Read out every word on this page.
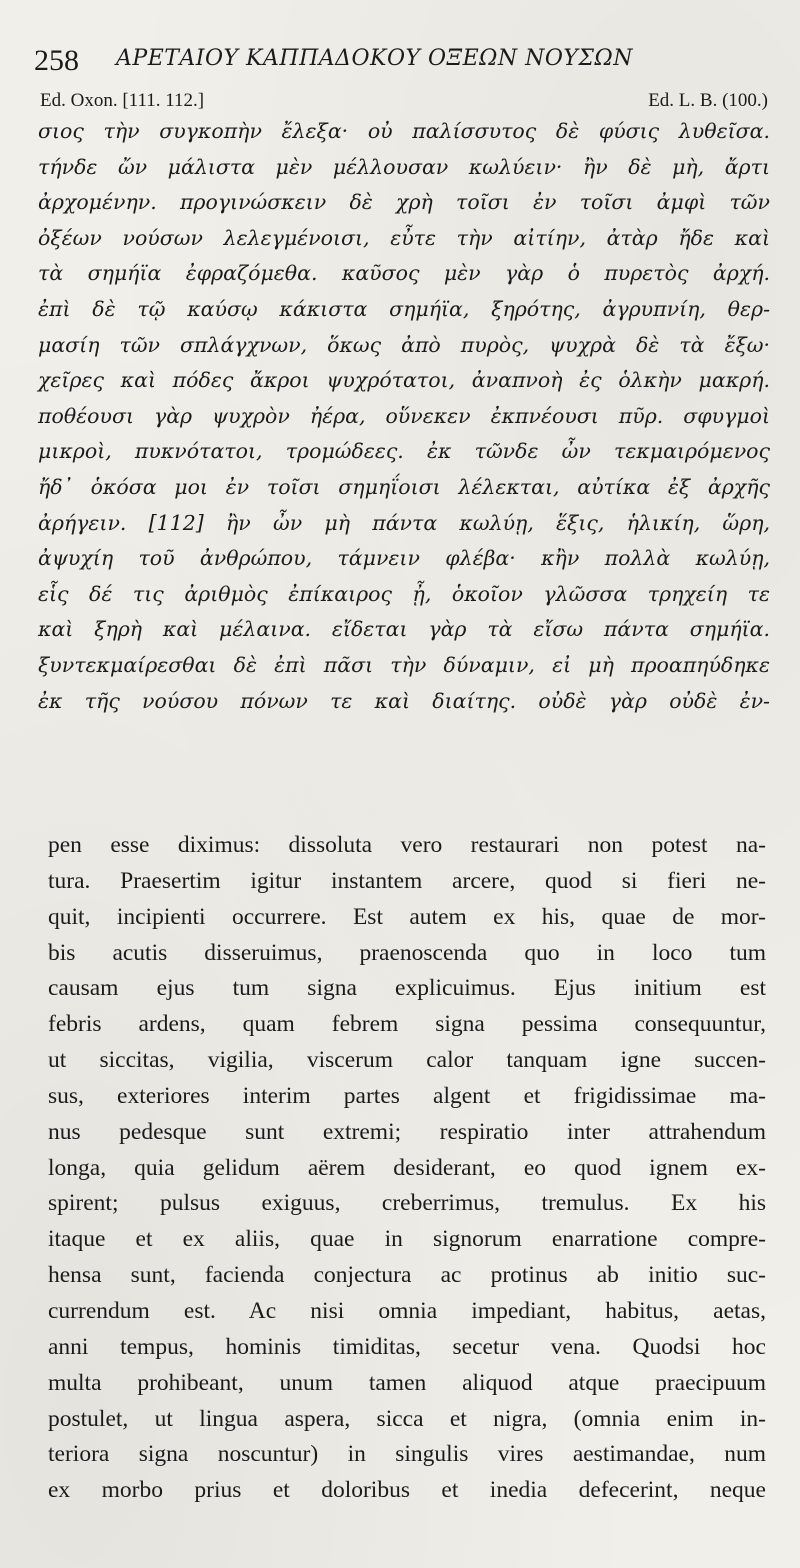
258 ΑΡΕΤΑΙΟΥ ΚΑΠΠΑΔΟΚΟΥ ΟΞΕΩΝ ΝΟΥΣΩΝ
Ed. Oxon. [111. 112.]	Ed. L. B. (100.)
σιος τὴν συγκοπὴν ἔλεξα· οὐ παλίσσυτος δὲ φύσις λυθεῖσα.
τήνδε ὤν μάλιστα μὲν μέλλουσαν κωλύειν· ἢν δὲ μὴ, ἄρτι
ἀρχομένην. προγινώσκειν δὲ χρὴ τοῖσι ἐν τοῖσι ἀμφὶ τῶν
ὀξέων νούσων λελεγμένοισι, εὖτε τὴν αἰτίην, ἀτὰρ ἤδε καὶ
τὰ σημήϊα ἐφραζόμεθα. καῦσος μὲν γὰρ ὁ πυρετὸς ἀρχή.
ἐπὶ δὲ τῷ καύσῳ κάκιστα σημήϊα, ξηρότης, ἀγρυπνίη, θερ-
μασίη τῶν σπλάγχνων, ὅκως ἀπὸ πυρὸς, ψυχρὰ δὲ τὰ ἔξω·
χεῖρες καὶ πόδες ἄκροι ψυχρότατοι, ἀναπνοὴ ἐς ὁλκὴν μακρή.
ποθέουσι γὰρ ψυχρὸν ἠέρα, οὕνεκεν ἐκπνέουσι πῦρ. σφυγμοὶ
μικροὶ, πυκνότατοι, τρομώδεες. ἐκ τῶνδε ὦν τεκμαιρόμενος
ἤδ᾽ ὁκόσα μοι ἐν τοῖσι σημηΐοισι λέλεκται, αὐτίκα ἐξ ἀρχῆς
ἀρήγειν. [112] ἢν ὦν μὴ πάντα κωλύῃ, ἕξις, ἡλικίη, ὥρη,
ἀψυχίη τοῦ ἀνθρώπου, τάμνειν φλέβα· κἢν πολλὰ κωλύῃ,
εἷς δέ τις ἀριθμὸς ἐπίκαιρος ᾖ, ὁκοῖον γλῶσσα τρηχείη τε
καὶ ξηρὴ καὶ μέλαινα. εἴδεται γὰρ τὰ εἴσω πάντα σημήϊα.
ξυντεκμαίρεσθαι δὲ ἐπὶ πᾶσι τὴν δύναμιν, εἰ μὴ προαπηύδηκε
ἐκ τῆς νούσου πόνων τε καὶ διαίτης. οὐδὲ γὰρ οὐδὲ ἐν-
pen esse diximus: dissoluta vero restaurari non potest na-
tura. Praesertim igitur instantem arcere, quod si fieri ne-
quit, incipienti occurrere. Est autem ex his, quae de mor-
bis acutis disseruimus, praenoscenda quo in loco tum
causam ejus tum signa explicuimus. Ejus initium est
febris ardens, quam febrem signa pessima consequuntur,
ut siccitas, vigilia, viscerum calor tanquam igne succen-
sus, exteriores interim partes algent et frigidissimae ma-
nus pedesque sunt extremi; respiratio inter attrahendum
longa, quia gelidum aërem desiderant, eo quod ignem ex-
spirent; pulsus exiguus, creberrimus, tremulus. Ex his
itaque et ex aliis, quae in signorum enarratione compre-
hensa sunt, facienda conjectura ac protinus ab initio suc-
currendum est. Ac nisi omnia impediant, habitus, aetas,
anni tempus, hominis timiditas, secetur vena. Quodsi hoc
multa prohibeant, unum tamen aliquod atque praecipuum
postulet, ut lingua aspera, sicca et nigra, (omnia enim in-
teriora signa noscuntur) in singulis vires aestimandae, num
ex morbo prius et doloribus et inedia defecerint, neque
